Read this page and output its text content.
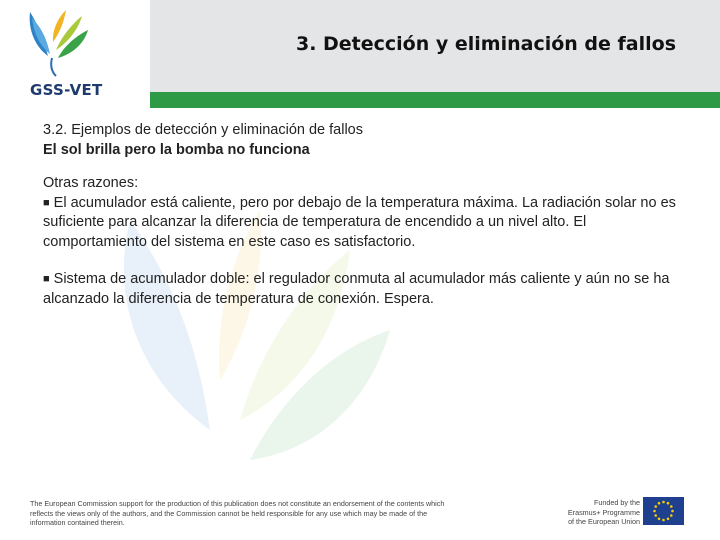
3. Detección y eliminación de fallos
GSS-VET
3.2. Ejemplos de detección y eliminación de fallos
El sol brilla pero la bomba no funciona
Otras razones:
■ El acumulador está caliente, pero por debajo de la temperatura máxima. La radiación solar no es suficiente para alcanzar la diferencia de temperatura de encendido a un nivel alto. El comportamiento del sistema en este caso es satisfactorio.
■ Sistema de acumulador doble: el regulador conmuta al acumulador más caliente y aún no se ha alcanzado la diferencia de temperatura de conexión. Espera.
The European Commission support for the production of this publication does not constitute an endorsement of the contents which reflects the views only of the authors, and the Commission cannot be held responsible for any use which may be made of the information contained therein.
Funded by the Erasmus+ Programme of the European Union
